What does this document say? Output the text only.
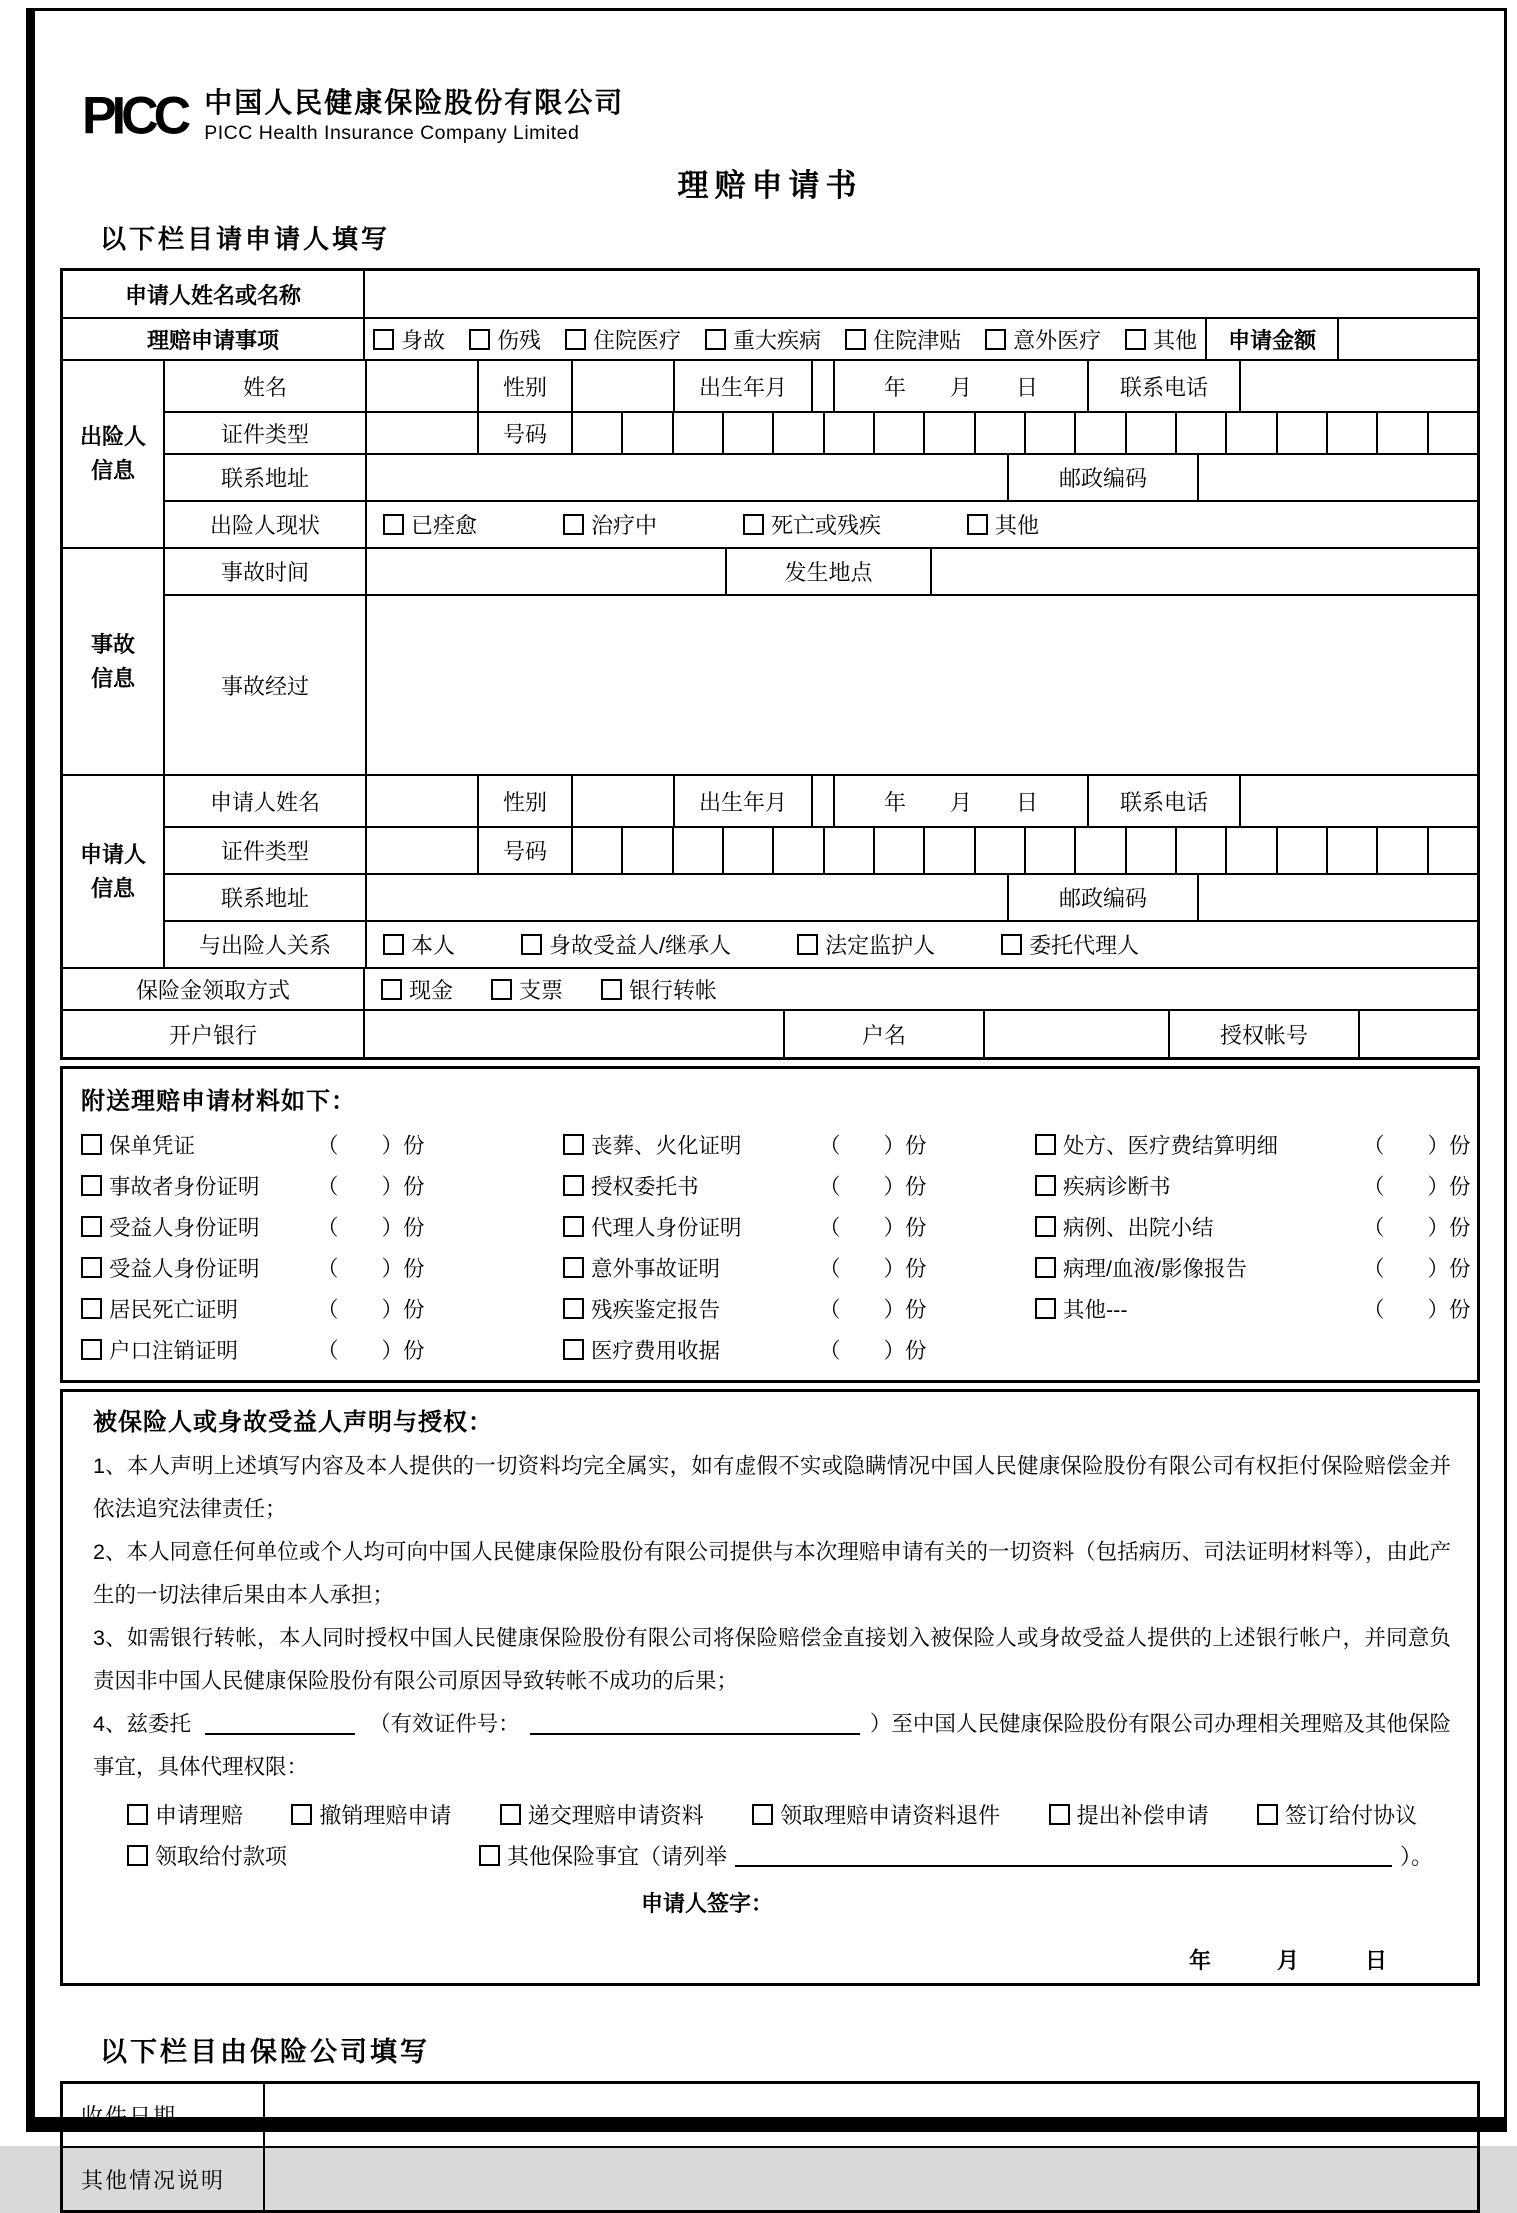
PICC 中国人民健康保险股份有限公司
PICC Health Insurance Company Limited
理赔申请书
以下栏目请申请人填写
申请人姓名或名称
理赔申请事项	身故 伤残 住院医疗 重大疾病 住院津贴 意外医疗 其他	申请金额
出险人
信息
姓名	性别	出生年月	年　　月　　日	联系电话
证件类型	号码
联系地址	邮政编码
出险人现状	已痊愈	治疗中	死亡或残疾	其他
事故
信息
事故时间	发生地点
事故经过
申请人
信息
申请人姓名	性别	出生年月	年　　月　　日	联系电话
证件类型	号码
联系地址	邮政编码
与出险人关系	本人	身故受益人/继承人	法定监护人	委托代理人
保险金领取方式	现金	支票	银行转帐
开户银行	户名	授权帐号
附送理赔申请材料如下：
保单凭证	（　　）份	丧葬、火化证明	（　　）份	处方、医疗费结算明细	（　　）份
事故者身份证明	（　　）份	授权委托书	（　　）份	疾病诊断书	（　　）份
受益人身份证明	（　　）份	代理人身份证明	（　　）份	病例、出院小结	（　　）份
受益人身份证明	（　　）份	意外事故证明	（　　）份	病理/血液/影像报告	（　　）份
居民死亡证明	（　　）份	残疾鉴定报告	（　　）份	其他---	（　　）份
户口注销证明	（　　）份	医疗费用收据	（　　）份
被保险人或身故受益人声明与授权：

1、本人声明上述填写内容及本人提供的一切资料均完全属实，如有虚假不实或隐瞒情况中国人民健康保险股份有限公司有权拒付保险赔偿金并依法追究法律责任；

2、本人同意任何单位或个人均可向中国人民健康保险股份有限公司提供与本次理赔申请有关的一切资料（包括病历、司法证明材料等），由此产生的一切法律后果由本人承担；

3、如需银行转帐，本人同时授权中国人民健康保险股份有限公司将保险赔偿金直接划入被保险人或身故受益人提供的上述银行帐户，并同意负责因非中国人民健康保险股份有限公司原因导致转帐不成功的后果；

4、兹委托	（有效证件号：	）至中国人民健康保险股份有限公司办理相关理赔及其他保险事宜，具体代理权限：

申请理赔	撤销理赔申请	递交理赔申请资料	领取理赔申请资料退件	提出补偿申请	签订给付协议
领取给付款项	其他保险事宜（请列举	）。
申请人签字：
年　　　月　　　日
以下栏目由保险公司填写
收件日期
其他情况说明
